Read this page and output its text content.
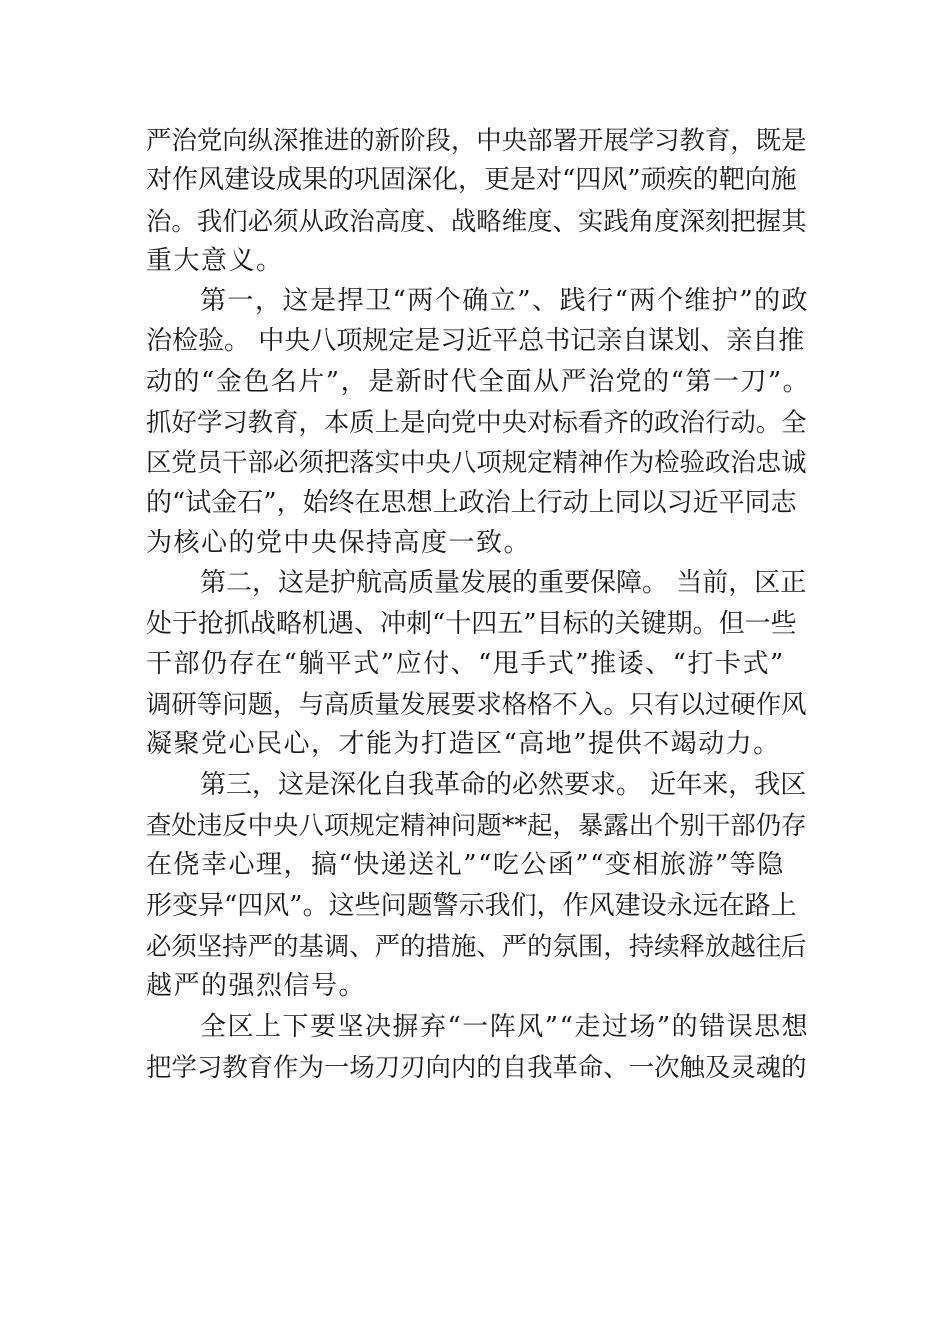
严治党向纵深推进的新阶段，中央部署开展学习教育，既是
对作风建设成果的巩固深化，更是对“四风”顽疾的靶向施
治。我们必须从政治高度、战略维度、实践角度深刻把握其
重大意义。

第一，这是捍卫“两个确立”、践行“两个维护”的政
治检验。 中央八项规定是习近平总书记亲自谋划、亲自推
动的“金色名片”，是新时代全面从严治党的“第一刀”。
抓好学习教育，本质上是向党中央对标看齐的政治行动。全
区党员干部必须把落实中央八项规定精神作为检验政治忠诚
的“试金石”，始终在思想上政治上行动上同以习近平同志
为核心的党中央保持高度一致。

第二，这是护航高质量发展的重要保障。 当前，区正
处于抢抓战略机遇、冲刺“十四五”目标的关键期。但一些
干部仍存在“躺平式”应付、“甩手式”推诿、“打卡式”
调研等问题，与高质量发展要求格格不入。只有以过硬作风
凝聚党心民心，才能为打造区“高地”提供不竭动力。

第三，这是深化自我革命的必然要求。 近年来，我区
查处违反中央八项规定精神问题**起，暴露出个别干部仍存
在侥幸心理，搞“快递送礼”“吃公函”“变相旅游”等隐
形变异“四风”。这些问题警示我们，作风建设永远在路上
必须坚持严的基调、严的措施、严的氛围，持续释放越往后
越严的强烈信号。

全区上下要坚决摒弃“一阵风”“走过场”的错误思想
把学习教育作为一场刀刃向内的自我革命、一次触及灵魂的
